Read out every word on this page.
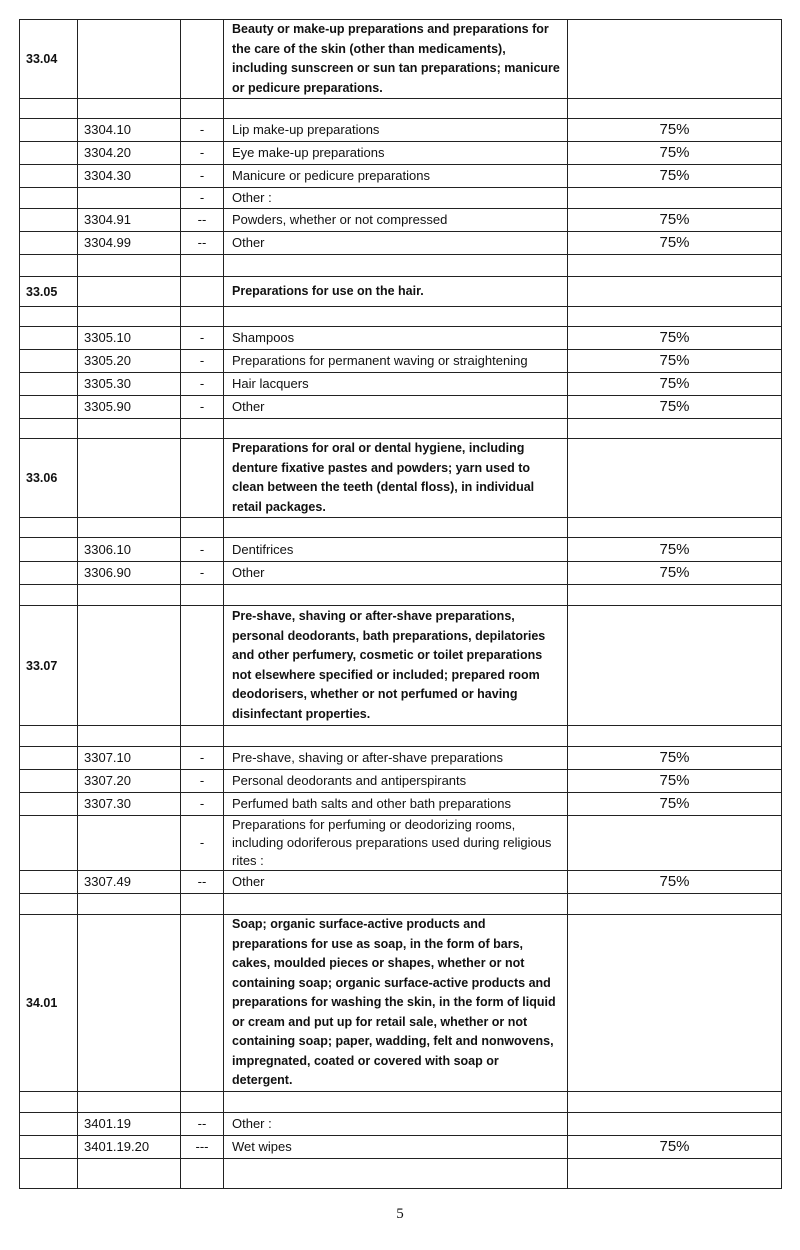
33.04			Beauty or make-up preparations and preparations for the care of the skin (other than medicaments), including sunscreen or sun tan preparations; manicure or pedicure preparations.	

	3304.10	-	Lip make-up preparations	75%
	3304.20	-	Eye make-up preparations	75%
	3304.30	-	Manicure or pedicure preparations	75%
		-	Other :	
	3304.91	--	Powders, whether or not compressed	75%
	3304.99	--	Other	75%

33.05			Preparations for use on the hair.	

	3305.10	-	Shampoos	75%
	3305.20	-	Preparations for permanent waving or straightening	75%
	3305.30	-	Hair lacquers	75%
	3305.90	-	Other	75%

33.06			Preparations for oral or dental hygiene, including denture fixative pastes and powders; yarn used to clean between the teeth (dental floss), in individual retail packages.	

	3306.10	-	Dentifrices	75%
	3306.90	-	Other	75%

33.07			Pre-shave, shaving or after-shave preparations, personal deodorants, bath preparations, depilatories and other perfumery, cosmetic or toilet preparations not elsewhere specified or included; prepared room deodorisers, whether or not perfumed or having disinfectant properties.	

	3307.10	-	Pre-shave, shaving or after-shave preparations	75%
	3307.20	-	Personal deodorants and antiperspirants	75%
	3307.30	-	Perfumed bath salts and other bath preparations	75%
		-	Preparations for perfuming or deodorizing rooms, including odoriferous preparations used during religious rites :	
	3307.49	--	Other	75%

34.01			Soap; organic surface-active products and preparations for use as soap, in the form of bars, cakes, moulded pieces or shapes, whether or not containing soap; organic surface-active products and preparations for washing the skin, in the form of liquid or cream and put up for retail sale, whether or not containing soap; paper, wadding, felt and nonwovens, impregnated, coated or covered with soap or detergent.	

	3401.19	--	Other :	
	3401.19.20	---	Wet wipes	75%

5
